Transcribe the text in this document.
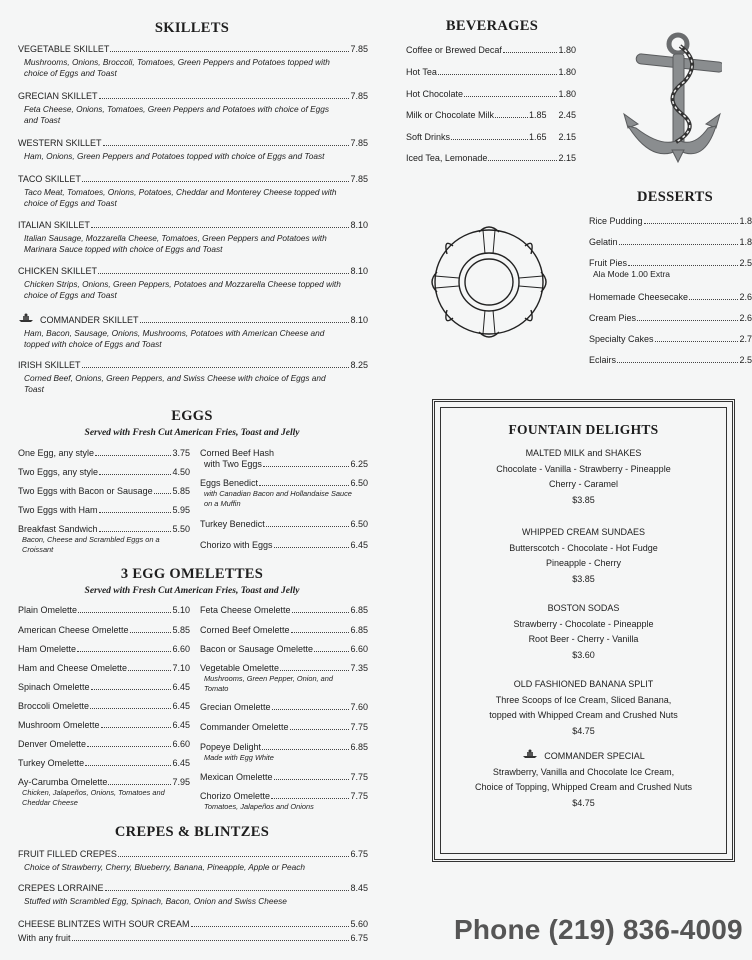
SKILLETS
VEGETABLE SKILLET	7.85
Mushrooms, Onions, Broccoli, Tomatoes, Green Peppers and Potatoes topped with choice of Eggs and Toast
GRECIAN SKILLET	7.85
Feta Cheese, Onions, Tomatoes, Green Peppers and Potatoes with choice of Eggs and Toast
WESTERN SKILLET	7.85
Ham, Onions, Green Peppers and Potatoes topped with choice of Eggs and Toast
TACO SKILLET	7.85
Taco Meat, Tomatoes, Onions, Potatoes, Cheddar and Monterey Cheese topped with choice of Eggs and Toast
ITALIAN SKILLET	8.10
Italian Sausage, Mozzarella Cheese, Tomatoes, Green Peppers and Potatoes with Marinara Sauce topped with choice of Eggs and Toast
CHICKEN SKILLET	8.10
Chicken Strips, Onions, Green Peppers, Potatoes and Mozzarella Cheese topped with choice of Eggs and Toast
COMMANDER SKILLET	8.10
Ham, Bacon, Sausage, Onions, Mushrooms, Potatoes with American Cheese and topped with choice of Eggs and Toast
IRISH SKILLET	8.25
Corned Beef, Onions, Green Peppers, and Swiss Cheese with choice of Eggs and Toast
EGGS
Served with Fresh Cut American Fries, Toast and Jelly
One Egg, any style	3.75
Two Eggs, any style	4.50
Two Eggs with Bacon or Sausage 5.85
Two Eggs with Ham	5.95
Breakfast Sandwich	5.50
Bacon, Cheese and Scrambled Eggs on a Croissant
Corned Beef Hash
with Two Eggs	6.25
Eggs Benedict	6.50
with Canadian Bacon and Hollandaise Sauce on a Muffin
Turkey Benedict	6.50
Chorizo with Eggs	6.45
3 EGG OMELETTES
Served with Fresh Cut American Fries, Toast and Jelly
Plain Omelette	5.10
American Cheese Omelette	5.85
Ham Omelette	6.60
Ham and Cheese Omelette	7.10
Spinach Omelette	6.45
Broccoli Omelette	6.45
Mushroom Omelette	6.45
Denver Omelette	6.60
Turkey Omelette	6.45
Ay-Carumba Omelette	7.95
Chicken, Jalapeños, Onions, Tomatoes and Cheddar Cheese
Feta Cheese Omelette	6.85
Corned Beef Omelette	6.85
Bacon or Sausage Omelette	6.60
Vegetable Omelette	7.35
Mushrooms, Green Pepper, Onion, and Tomato
Grecian Omelette	7.60
Commander Omelette	7.75
Popeye Delight	6.85
Made with Egg White
Mexican Omelette	7.75
Chorizo Omelette	7.75
Tomatoes, Jalapeños and Onions
CREPES & BLINTZES
FRUIT FILLED CREPES	6.75
Choice of Strawberry, Cherry, Blueberry, Banana, Pineapple, Apple or Peach
CREPES LORRAINE	8.45
Stuffed with Scrambled Egg, Spinach, Bacon, Onion and Swiss Cheese
CHEESE BLINTZES WITH SOUR CREAM	5.60
With any fruit	6.75
BEVERAGES
Coffee or Brewed Decaf	1.80
Hot Tea	1.80
Hot Chocolate	1.80
Milk or Chocolate Milk	1.85 2.45
Soft Drinks	1.65 2.15
Iced Tea, Lemonade	2.15
DESSERTS
Rice Pudding	1.8
Gelatin	1.8
Fruit Pies	2.5
Ala Mode 1.00 Extra
Homemade Cheesecake	2.6
Cream Pies	2.6
Specialty Cakes	2.7
Eclairs	2.5
FOUNTAIN DELIGHTS
MALTED MILK and SHAKES
Chocolate - Vanilla - Strawberry - Pineapple
Cherry - Caramel
$3.85
WHIPPED CREAM SUNDAES
Butterscotch - Chocolate - Hot Fudge
Pineapple - Cherry
$3.85
BOSTON SODAS
Strawberry - Chocolate - Pineapple
Root Beer - Cherry - Vanilla
$3.60
OLD FASHIONED BANANA SPLIT
Three Scoops of Ice Cream, Sliced Banana,
topped with Whipped Cream and Crushed Nuts
$4.75
COMMANDER SPECIAL
Strawberry, Vanilla and Chocolate Ice Cream,
Choice of Topping, Whipped Cream and Crushed Nuts
$4.75
Phone (219) 836-4009
